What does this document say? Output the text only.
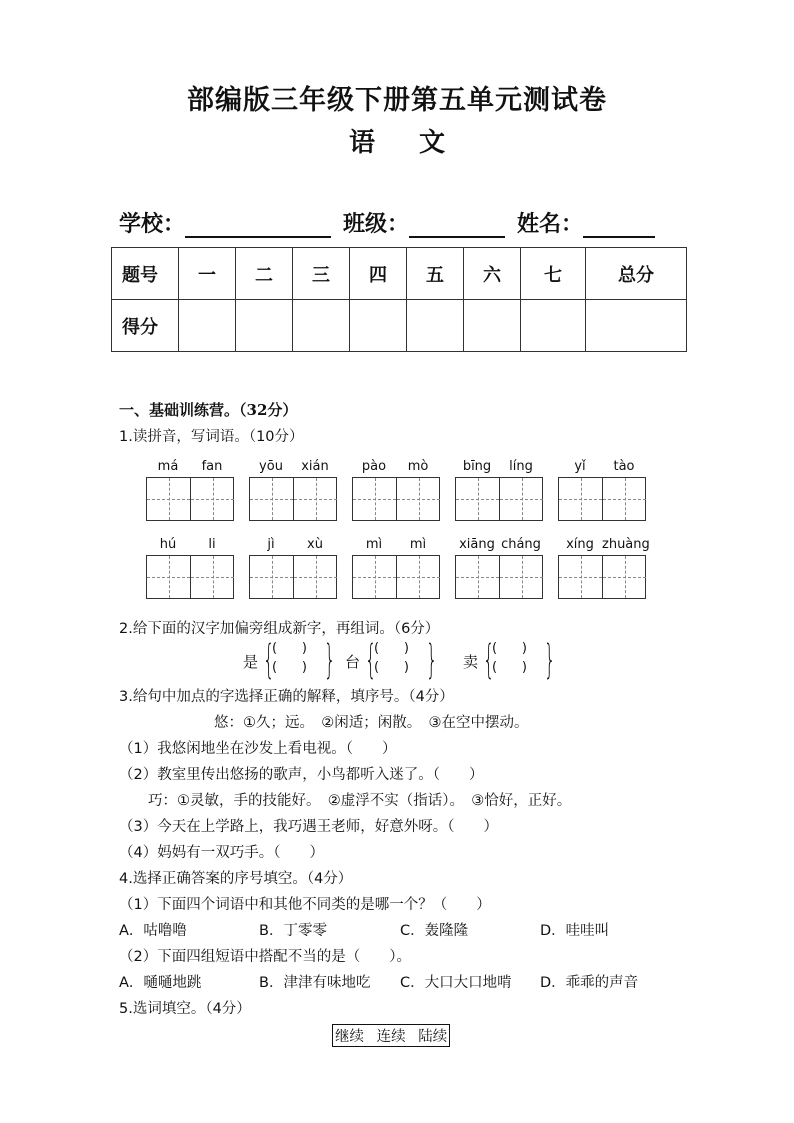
部编版三年级下册第五单元测试卷
语 文
学校：	班级：	姓名：
题号	一	二	三	四	五	六	七	总分
得分								
一、基础训练营。（32分）
1.读拼音，写词语。（10分）
má	fan	yōu	xián	pào	mò	bīng	líng	yǐ	tào
hú	li	jì	xù	mì	mì	xiāng cháng	xíng zhuàng
2.给下面的汉字加偏旁组成新字，再组词。（6分）
是 {
(      )
(      ) } 台 {
(      )
(      ) } 卖 {
(      )
(      ) }
3.给句中加点的字选择正确的解释，填序号。（4分）
悠：①久；远。　②闲适；闲散。　③在空中摆动。
（1）我悠闲地坐在沙发上看电视。（　　）
（2）教室里传出悠扬的歌声，小鸟都听入迷了。（　　）
巧：①灵敏，手的技能好。　②虚浮不实（指话）。　③恰好，正好。
（3）今天在上学路上，我巧遇王老师，好意外呀。（　　）
（4）妈妈有一双巧手。（　　）
4.选择正确答案的序号填空。（4分）
（1）下面四个词语中和其他不同类的是哪一个？（　　）
A．咕噜噜	B．丁零零	C．轰隆隆	D．哇哇叫
（2）下面四组短语中搭配不当的是（　　）。
A．嗵嗵地跳	B．津津有味地吃 C．大口大口地啃 D．乖乖的声音
5.选词填空。（4分）
继续 连续 陆续
